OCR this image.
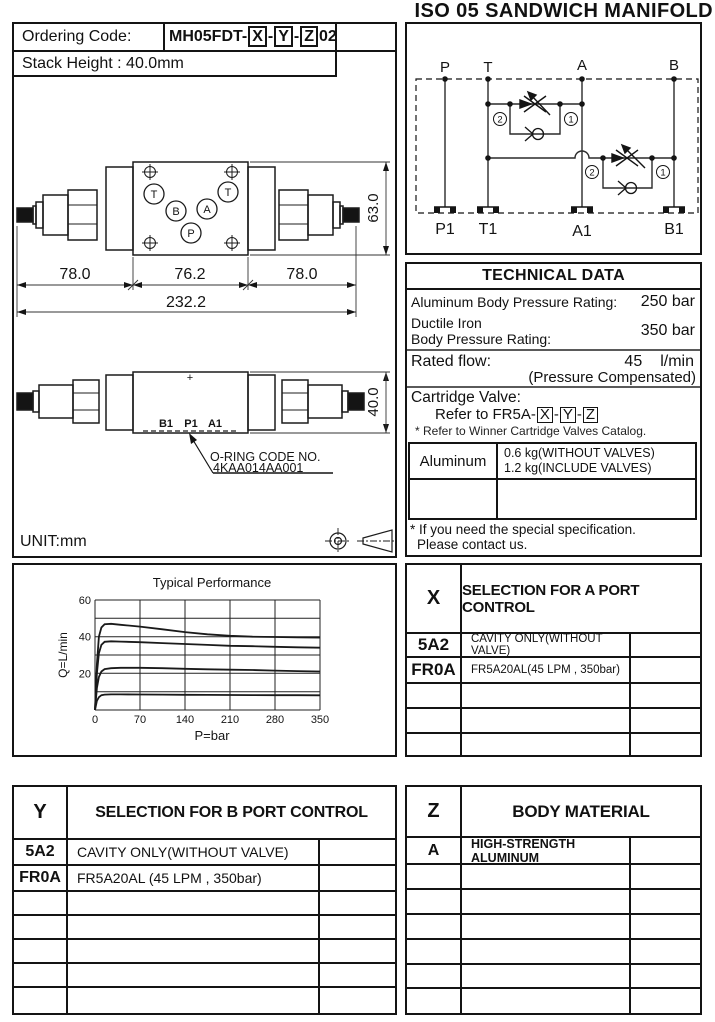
ISO 05 SANDWICH MANIFOLD
78.0	76.2	78.0
232.2
63.0
40.0
T	T
B A
P
+
B1 P1 A1
O-RING CODE NO.
4KAA014AA001
UNIT:mm
Ordering Code:	MH05FDT- X - Y - Z 02
Stack Height : 40.0mm
2	1
2	1
P T	A	B
P1 T1	A1	B1
TECHNICAL DATA
Aluminum Body Pressure Rating: 250 bar
Ductile Iron
Body Pressure Rating:	350 bar
Rated flow:	45 l/min
(Pressure Compensated)
Cartridge Valve:
Refer to FR5A- X - Y - Z
* Refer to Winner Cartridge Valves Catalog.
Aluminum	0.6 kg(WITHOUT VALVES)
1.2 kg(INCLUDE VALVES)
* If you need the special specification.
Please contact us.
Typical Performance
0	70	140 210 280 350
20
40
60
Q=L/min
P=bar
X	SELECTION FOR A PORT CONTROL
5A2	CAVITY ONLY(WITHOUT VALVE)
FR0A	FR5A20AL(45 LPM , 350bar)
Y	SELECTION FOR B PORT CONTROL
5A2	CAVITY ONLY(WITHOUT VALVE)
FR0A	FR5A20AL (45 LPM , 350bar)
Z	BODY MATERIAL
A	HIGH-STRENGTH ALUMINUM
